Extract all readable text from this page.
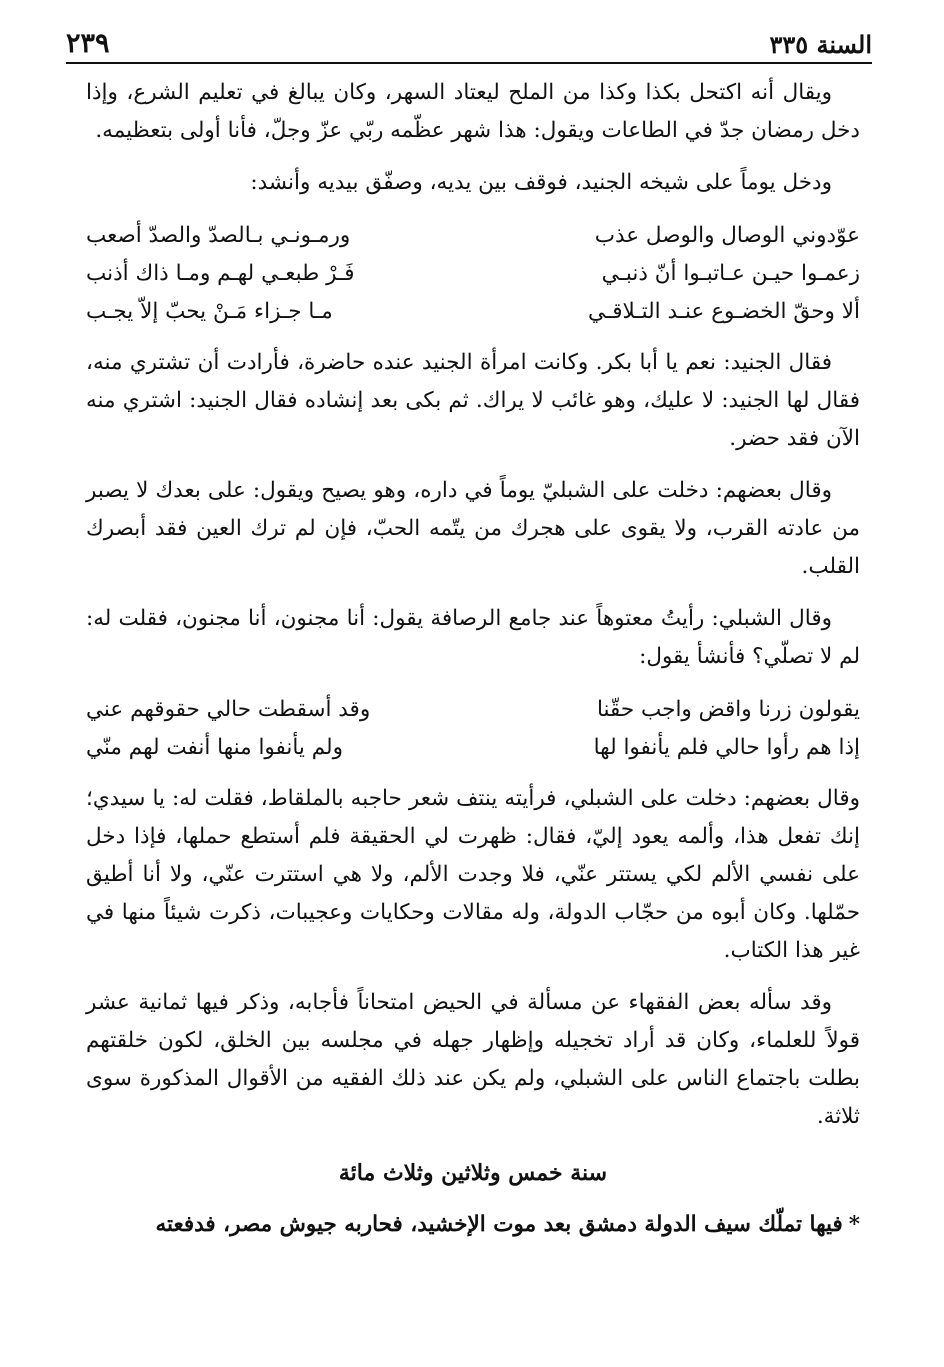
السنة ٣٣٥
٢٣٩

ويقال أنه اكتحل بكذا وكذا من الملح ليعتاد السهر، وكان يبالغ في تعليم الشرع، وإذا دخل رمضان جدّ في الطاعات ويقول: هذا شهر عظّمه ربّي عزّ وجلّ، فأنا أولى بتعظيمه.

ودخل يوماً على شيخه الجنيد، فوقف بين يديه، وصفّق بيديه وأنشد:

عوّدوني الوصال والوصل عذب
ورمـونـي بـالصدّ والصدّ أصعب
زعمـوا حيـن عـاتبـوا أنّ ذنبـي
فَـرْ طبعـي لهـم ومـا ذاك أذنب
ألا وحقّ الخضـوع عنـد التـلاقـي
مـا جـزاء مَـنْ يحبّ إلاّ يجـب

فقال الجنيد: نعم يا أبا بكر. وكانت امرأة الجنيد عنده حاضرة، فأرادت أن تشتري منه، فقال لها الجنيد: لا عليك، وهو غائب لا يراك. ثم بكى بعد إنشاده فقال الجنيد: اشتري منه الآن فقد حضر.

وقال بعضهم: دخلت على الشبليّ يوماً في داره، وهو يصيح ويقول: على بعدك لا يصبر من عادته القرب، ولا يقوى على هجرك من يتّمه الحبّ، فإن لم ترك العين فقد أبصرك القلب.

وقال الشبلي: رأيتُ معتوهاً عند جامع الرصافة يقول: أنا مجنون، أنا مجنون، فقلت له: لم لا تصلّي؟ فأنشأ يقول:

يقولون زرنا واقض واجب حقّنا
وقد أسقطت حالي حقوقهم عني
إذا هم رأوا حالي فلم يأنفوا لها
ولم يأنفوا منها أنفت لهم منّي

وقال بعضهم: دخلت على الشبلي، فرأيته ينتف شعر حاجبه بالملقاط، فقلت له: يا سيدي؛ إنك تفعل هذا، وألمه يعود إليّ، فقال: ظهرت لي الحقيقة فلم أستطع حملها، فإذا دخل على نفسي الألم لكي يستتر عنّي، فلا وجدت الألم، ولا هي استترت عنّي، ولا أنا أطيق حمّلها. وكان أبوه من حجّاب الدولة، وله مقالات وحكايات وعجيبات، ذكرت شيئاً منها في غير هذا الكتاب.

وقد سأله بعض الفقهاء عن مسألة في الحيض امتحاناً فأجابه، وذكر فيها ثمانية عشر قولاً للعلماء، وكان قد أراد تخجيله وإظهار جهله في مجلسه بين الخلق، لكون خلقتهم بطلت باجتماع الناس على الشبلي، ولم يكن عند ذلك الفقيه من الأقوال المذكورة سوى ثلاثة.

سنة خمس وثلاثين وثلاث مائة
*فيها تملّك سيف الدولة دمشق بعد موت الإخشيد، فحاربه جيوش مصر، فدفعته
